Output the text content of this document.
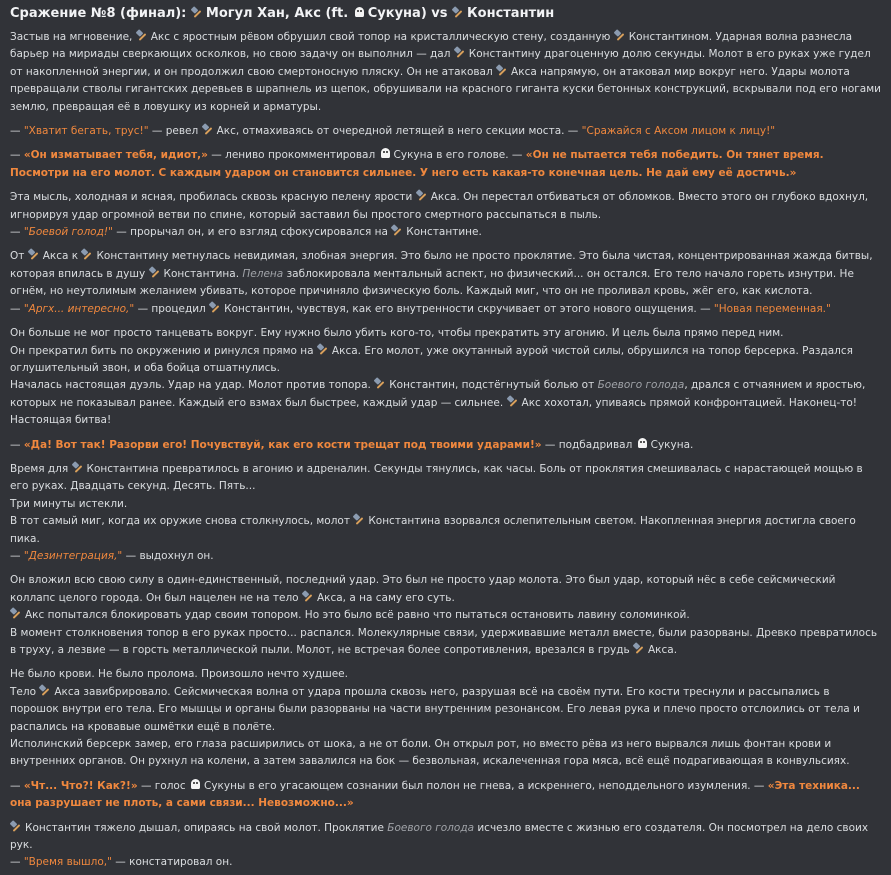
Сражение №8 (финал): Могул Хан, Акс (ft. Сукуна) vs Константин

Застыв на мгновение, Акс с яростным рёвом обрушил свой топор на кристаллическую стену, созданную Константином. Ударная волна разнесла барьер на мириады сверкающих осколков, но свою задачу он выполнил — дал Константину драгоценную долю секунды. Молот в его руках уже гудел от накопленной энергии, и он продолжил свою смертоносную пляску. Он не атаковал Акса напрямую, он атаковал мир вокруг него. Удары молота превращали стволы гигантских деревьев в шрапнель из щепок, обрушивали на красного гиганта куски бетонных конструкций, вскрывали под его ногами землю, превращая её в ловушку из корней и арматуры.

— "Хватит бегать, трус!" — ревел Акс, отмахиваясь от очередной летящей в него секции моста. — "Сражайся с Аксом лицом к лицу!"

— «Он изматывает тебя, идиот,» — лениво прокомментировал Сукуна в его голове. — «Он не пытается тебя победить. Он тянет время. Посмотри на его молот. С каждым ударом он становится сильнее. У него есть какая-то конечная цель. Не дай ему её достичь.»

Эта мысль, холодная и ясная, пробилась сквозь красную пелену ярости Акса. Он перестал отбиваться от обломков. Вместо этого он глубоко вдохнул, игнорируя удар огромной ветви по спине, который заставил бы простого смертного рассыпаться в пыль.
— "Боевой голод!" — прорычал он, и его взгляд сфокусировался на Константине.

От Акса к Константину метнулась невидимая, злобная энергия. Это было не просто проклятие. Это была чистая, концентрированная жажда битвы, которая впилась в душу Константина. Пелена заблокировала ментальный аспект, но физический... он остался. Его тело начало гореть изнутри. Не огнём, но неутолимым желанием убивать, которое причиняло физическую боль. Каждый миг, что он не проливал кровь, жёг его, как кислота.
— "Аргх... интересно," — процедил Константин, чувствуя, как его внутренности скручивает от этого нового ощущения. — "Новая переменная."

Он больше не мог просто танцевать вокруг. Ему нужно было убить кого-то, чтобы прекратить эту агонию. И цель была прямо перед ним.
Он прекратил бить по окружению и ринулся прямо на Акса. Его молот, уже окутанный аурой чистой силы, обрушился на топор берсерка. Раздался оглушительный звон, и оба бойца отшатнулись.
Началась настоящая дуэль. Удар на удар. Молот против топора. Константин, подстёгнутый болью от Боевого голода, дрался с отчаянием и яростью, которых не показывал ранее. Каждый его взмах был быстрее, каждый удар — сильнее. Акс хохотал, упиваясь прямой конфронтацией. Наконец-то! Настоящая битва!

— «Да! Вот так! Разорви его! Почувствуй, как его кости трещат под твоими ударами!» — подбадривал Сукуна.

Время для Константина превратилось в агонию и адреналин. Секунды тянулись, как часы. Боль от проклятия смешивалась с нарастающей мощью в его руках. Двадцать секунд. Десять. Пять...
Три минуты истекли.
В тот самый миг, когда их оружие снова столкнулось, молот Константина взорвался ослепительным светом. Накопленная энергия достигла своего пика.
— "Дезинтеграция," — выдохнул он.

Он вложил всю свою силу в один-единственный, последний удар. Это был не просто удар молота. Это был удар, который нёс в себе сейсмический коллапс целого города. Он был нацелен не на тело Акса, а на саму его суть.
Акс попытался блокировать удар своим топором. Но это было всё равно что пытаться остановить лавину соломинкой.
В момент столкновения топор в его руках просто... распался. Молекулярные связи, удерживавшие металл вместе, были разорваны. Древко превратилось в труху, а лезвие — в горсть металлической пыли. Молот, не встречая более сопротивления, врезался в грудь Акса.

Не было крови. Не было пролома. Произошло нечто худшее.
Тело Акса завибрировало. Сейсмическая волна от удара прошла сквозь него, разрушая всё на своём пути. Его кости треснули и рассыпались в порошок внутри его тела. Его мышцы и органы были разорваны на части внутренним резонансом. Его левая рука и плечо просто отслоились от тела и распались на кровавые ошмётки ещё в полёте.
Исполинский берсерк замер, его глаза расширились от шока, а не от боли. Он открыл рот, но вместо рёва из него вырвался лишь фонтан крови и внутренних органов. Он рухнул на колени, а затем завалился на бок — безвольная, искалеченная гора мяса, всё ещё подрагивающая в конвульсиях.

— «Чт... Что?! Как?!» — голос Сукуны в его угасающем сознании был полон не гнева, а искреннего, неподдельного изумления. — «Эта техника... она разрушает не плоть, а сами связи... Невозможно...»

Константин тяжело дышал, опираясь на свой молот. Проклятие Боевого голода исчезло вместе с жизнью его создателя. Он посмотрел на дело своих рук.
— "Время вышло," — констатировал он.
